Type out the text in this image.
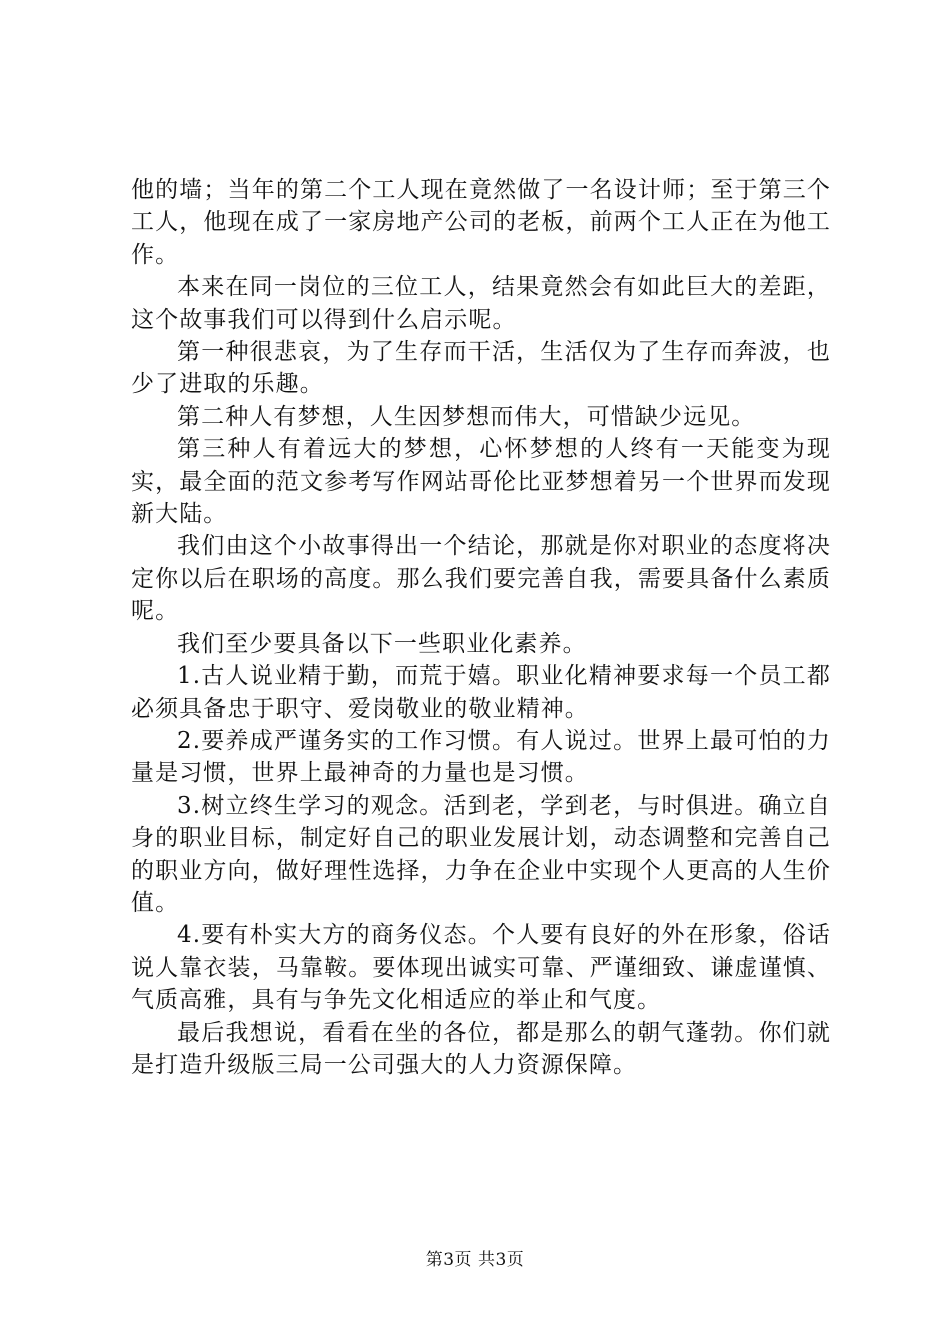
他的墙；当年的第二个工人现在竟然做了一名设计师；至于第三个工人，他现在成了一家房地产公司的老板，前两个工人正在为他工作。

本来在同一岗位的三位工人，结果竟然会有如此巨大的差距，这个故事我们可以得到什么启示呢。

第一种很悲哀，为了生存而干活，生活仅为了生存而奔波，也少了进取的乐趣。

第二种人有梦想，人生因梦想而伟大，可惜缺少远见。

第三种人有着远大的梦想，心怀梦想的人终有一天能变为现实，最全面的范文参考写作网站哥伦比亚梦想着另一个世界而发现新大陆。

我们由这个小故事得出一个结论，那就是你对职业的态度将决定你以后在职场的高度。那么我们要完善自我，需要具备什么素质呢。

我们至少要具备以下一些职业化素养。

1.古人说业精于勤，而荒于嬉。职业化精神要求每一个员工都必须具备忠于职守、爱岗敬业的敬业精神。

2.要养成严谨务实的工作习惯。有人说过。世界上最可怕的力量是习惯，世界上最神奇的力量也是习惯。

3.树立终生学习的观念。活到老，学到老，与时俱进。确立自身的职业目标，制定好自己的职业发展计划，动态调整和完善自己的职业方向，做好理性选择，力争在企业中实现个人更高的人生价值。

4.要有朴实大方的商务仪态。个人要有良好的外在形象，俗话说人靠衣装，马靠鞍。要体现出诚实可靠、严谨细致、谦虚谨慎、气质高雅，具有与争先文化相适应的举止和气度。

最后我想说，看看在坐的各位，都是那么的朝气蓬勃。你们就是打造升级版三局一公司强大的人力资源保障。

第3页 共3页
